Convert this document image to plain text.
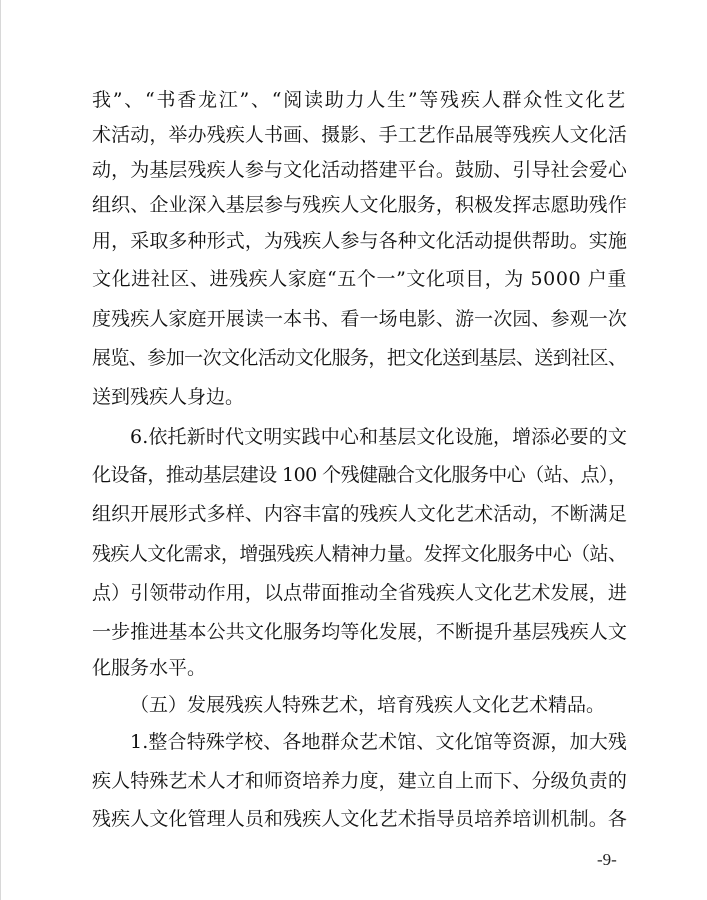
我”、“书香龙江”、“阅读助力人生”等残疾人群众性文化艺
术活动，举办残疾人书画、摄影、手工艺作品展等残疾人文化活
动，为基层残疾人参与文化活动搭建平台。鼓励、引导社会爱心
组织、企业深入基层参与残疾人文化服务，积极发挥志愿助残作
用，采取多种形式，为残疾人参与各种文化活动提供帮助。实施
文化进社区、进残疾人家庭“五个一”文化项目，为 5000 户重
度残疾人家庭开展读一本书、看一场电影、游一次园、参观一次
展览、参加一次文化活动文化服务，把文化送到基层、送到社区、
送到残疾人身边。
6.依托新时代文明实践中心和基层文化设施，增添必要的文
化设备，推动基层建设 100 个残健融合文化服务中心（站、点），
组织开展形式多样、内容丰富的残疾人文化艺术活动，不断满足
残疾人文化需求，增强残疾人精神力量。发挥文化服务中心（站、
点）引领带动作用，以点带面推动全省残疾人文化艺术发展，进
一步推进基本公共文化服务均等化发展，不断提升基层残疾人文
化服务水平。
（五）发展残疾人特殊艺术，培育残疾人文化艺术精品。
1.整合特殊学校、各地群众艺术馆、文化馆等资源，加大残
疾人特殊艺术人才和师资培养力度，建立自上而下、分级负责的
残疾人文化管理人员和残疾人文化艺术指导员培养培训机制。各
-9-
